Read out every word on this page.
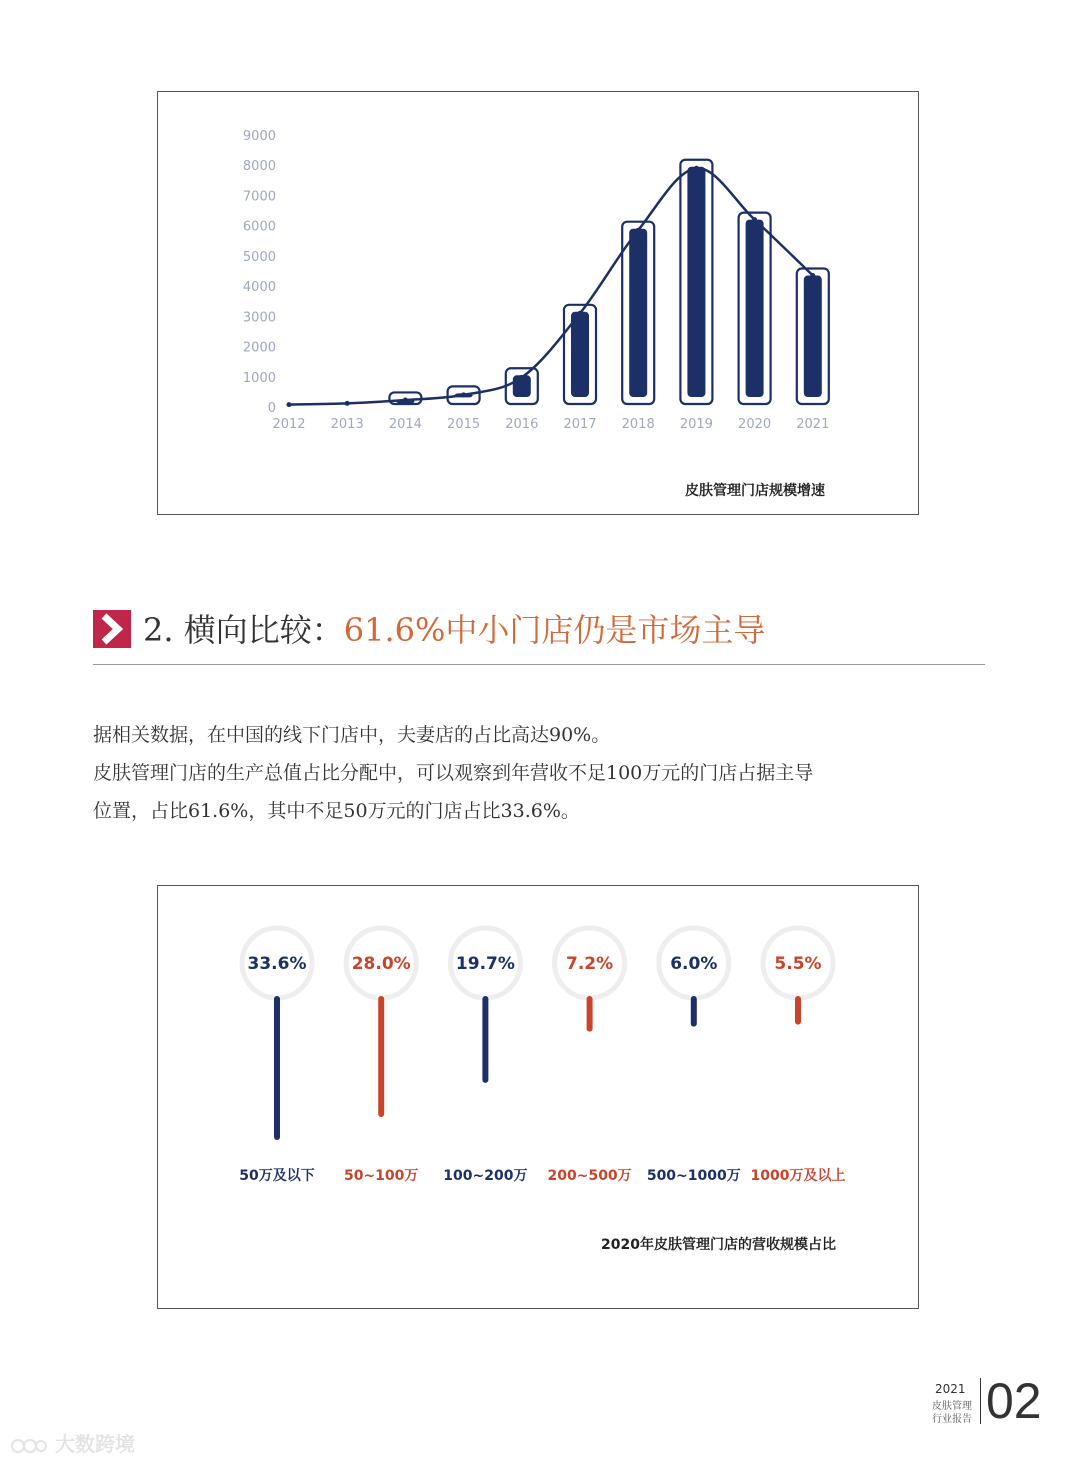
0
1000
2000
3000
4000
5000
6000
7000
8000
9000
2012 2013 2014 2015 2016 2017 2018 2019 2020 2021
皮肤管理门店规模增速
2. 横向比较：61.6%中小门店仍是市场主导

据相关数据，在中国的线下门店中，夫妻店的占比高达90%。

皮肤管理门店的生产总值占比分配中，可以观察到年营收不足100万元的门店占据主导

位置，占比61.6%，其中不足50万元的门店占比33.6%。

33.6%
50万及以下
28.0%
50~100万
19.7%
100~200万
7.2%
200~500万
6.0%
500~1000万
5.5%
1000万及以上
2020年皮肤管理门店的营收规模占比
2021
皮肤管理
行业报告 02
大数跨境
